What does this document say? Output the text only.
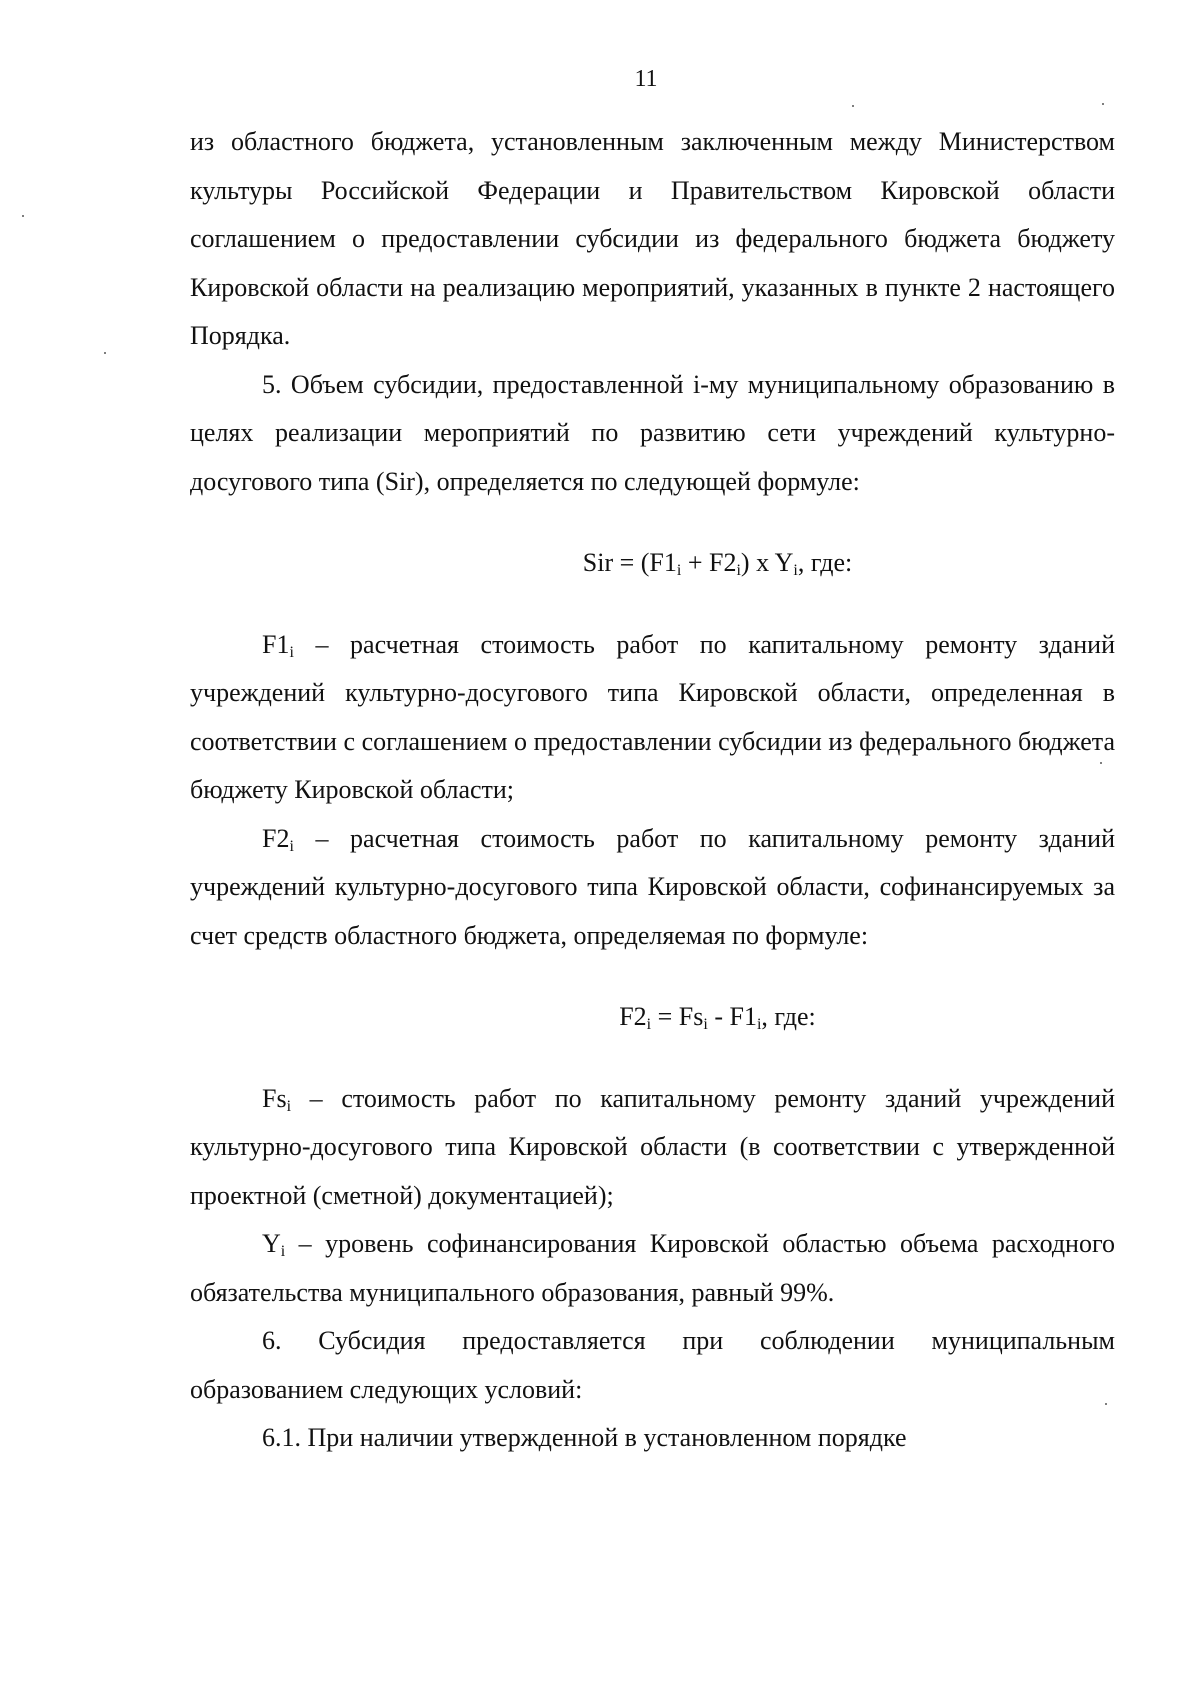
11

из областного бюджета, установленным заключенным между Министерством культуры Российской Федерации и Правительством Кировской области соглашением о предоставлении субсидии из федерального бюджета бюджету Кировской области на реализацию мероприятий, указанных в пункте 2 настоящего Порядка.

5. Объем субсидии, предоставленной i-му муниципальному образованию в целях реализации мероприятий по развитию сети учреждений культурно-досугового типа (Sir), определяется по следующей формуле:

Sir = $(F1_i + F2_i)$ x $Y_i$, где:

$F1_i$ – расчетная стоимость работ по капитальному ремонту зданий учреждений культурно-досугового типа Кировской области, определенная в соответствии с соглашением о предоставлении субсидии из федерального бюджета бюджету Кировской области;

$F2_i$ – расчетная стоимость работ по капитальному ремонту зданий учреждений культурно-досугового типа Кировской области, софинансируемых за счет средств областного бюджета, определяемая по формуле:

$F2_i = Fs_i - F1_i$, где:

$Fs_i$ – стоимость работ по капитальному ремонту зданий учреждений культурно-досугового типа Кировской области (в соответствии с утвержденной проектной (сметной) документацией);

$Y_i$ – уровень софинансирования Кировской областью объема расходного обязательства муниципального образования, равный 99%.

6. Субсидия предоставляется при соблюдении муниципальным образованием следующих условий:

6.1. При наличии утвержденной в установленном порядке
